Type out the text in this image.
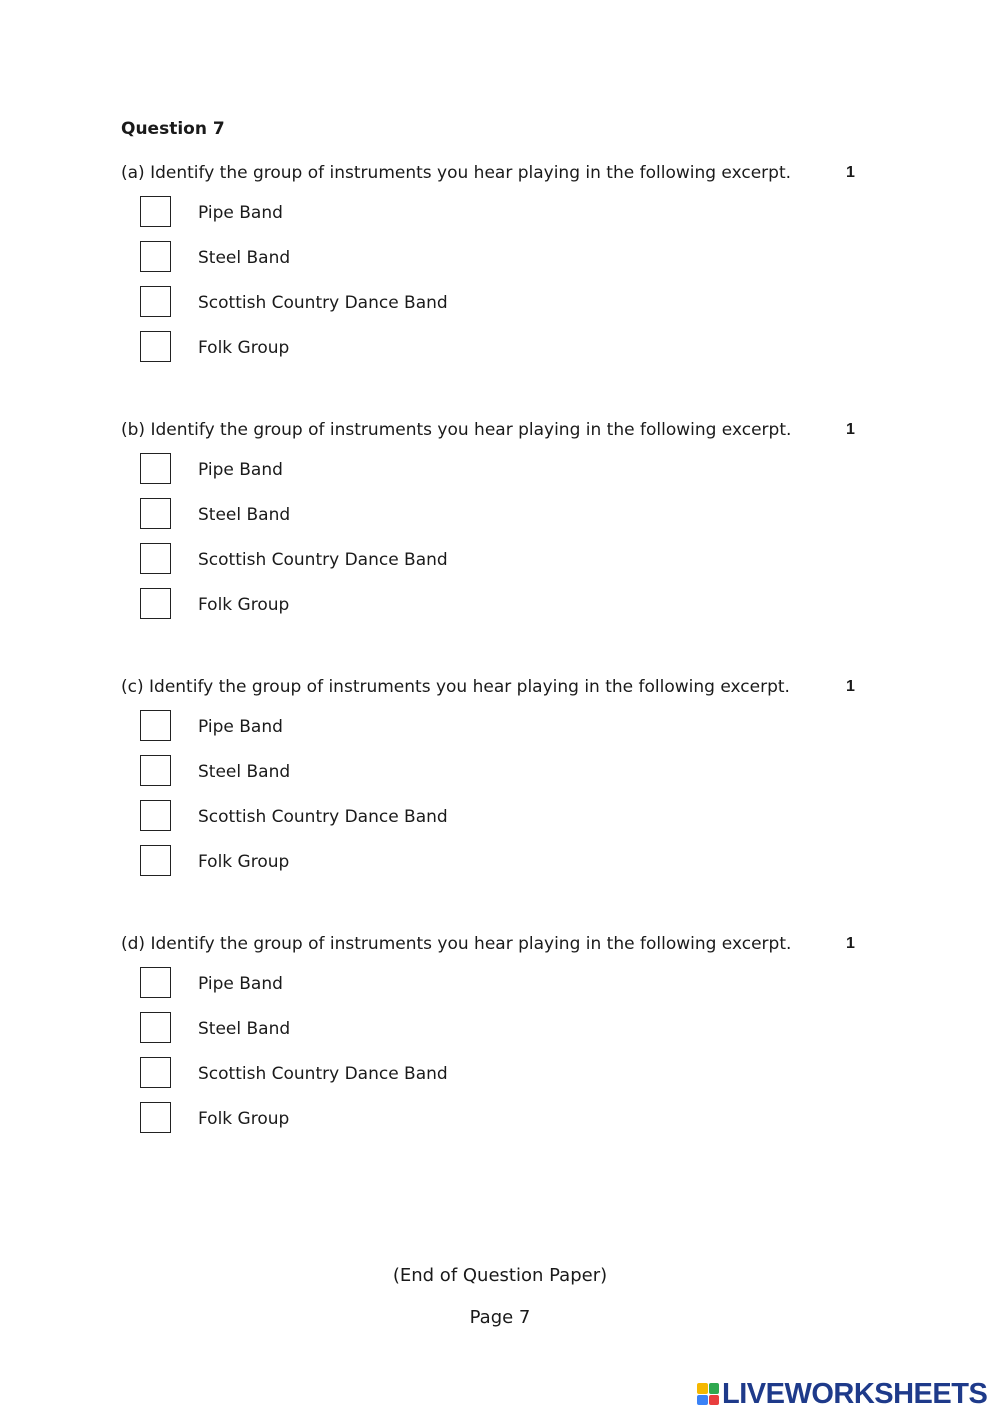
Question 7
(a) Identify the group of instruments you hear playing in the following excerpt.	1
Pipe Band
Steel Band
Scottish Country Dance Band
Folk Group
(b) Identify the group of instruments you hear playing in the following excerpt.	1
Pipe Band
Steel Band
Scottish Country Dance Band
Folk Group
(c) Identify the group of instruments you hear playing in the following excerpt.	1
Pipe Band
Steel Band
Scottish Country Dance Band
Folk Group
(d) Identify the group of instruments you hear playing in the following excerpt.	1
Pipe Band
Steel Band
Scottish Country Dance Band
Folk Group
(End of Question Paper)
Page 7
LIVEWORKSHEETS
